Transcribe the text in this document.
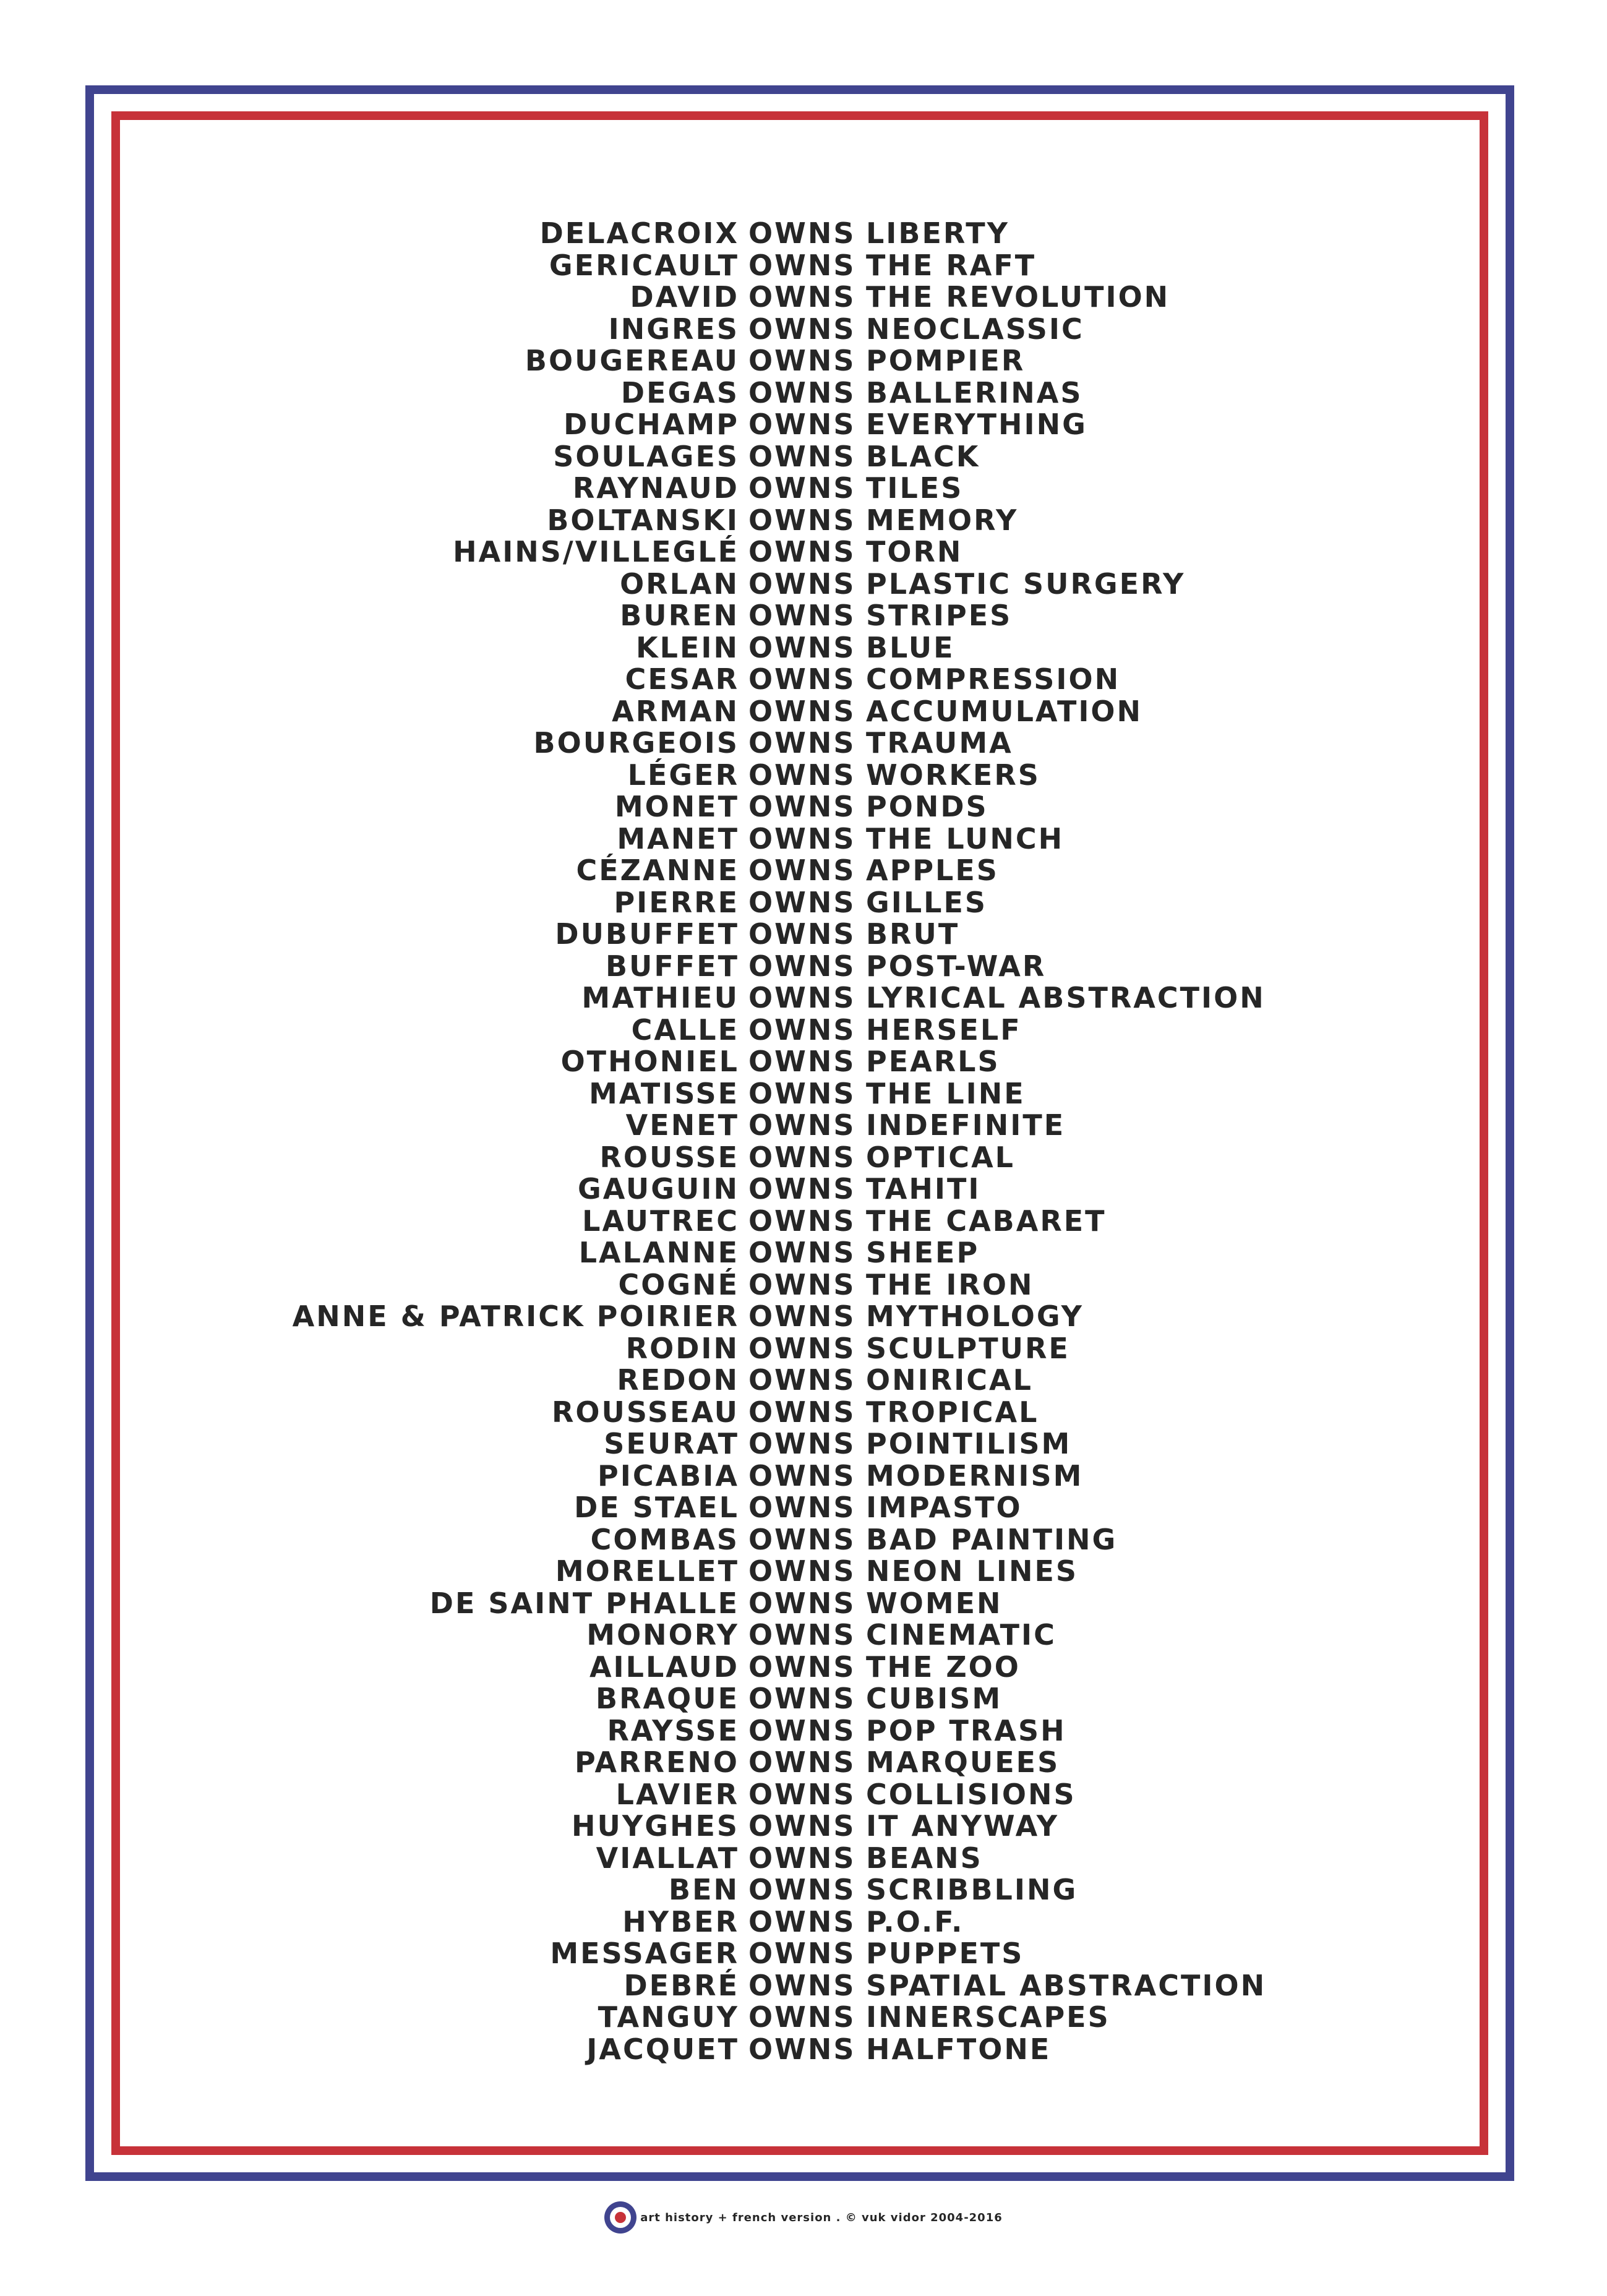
DELACROIX OWNS LIBERTY
GERICAULT OWNS THE RAFT
DAVID OWNS THE REVOLUTION
INGRES OWNS NEOCLASSIC
BOUGEREAU OWNS POMPIER
DEGAS OWNS BALLERINAS
DUCHAMP OWNS EVERYTHING
SOULAGES OWNS BLACK
RAYNAUD OWNS TILES
BOLTANSKI OWNS MEMORY
HAINS/VILLEGLÉ OWNS TORN
ORLAN OWNS PLASTIC SURGERY
BUREN OWNS STRIPES
KLEIN OWNS BLUE
CESAR OWNS COMPRESSION
ARMAN OWNS ACCUMULATION
BOURGEOIS OWNS TRAUMA
LÉGER OWNS WORKERS
MONET OWNS PONDS
MANET OWNS THE LUNCH
CÉZANNE OWNS APPLES
PIERRE OWNS GILLES
DUBUFFET OWNS BRUT
BUFFET OWNS POST-WAR
MATHIEU OWNS LYRICAL ABSTRACTION
CALLE OWNS HERSELF
OTHONIEL OWNS PEARLS
MATISSE OWNS THE LINE
VENET OWNS INDEFINITE
ROUSSE OWNS OPTICAL
GAUGUIN OWNS TAHITI
LAUTREC OWNS THE CABARET
LALANNE OWNS SHEEP
COGNÉ OWNS THE IRON
ANNE & PATRICK POIRIER OWNS MYTHOLOGY
RODIN OWNS SCULPTURE
REDON OWNS ONIRICAL
ROUSSEAU OWNS TROPICAL
SEURAT OWNS POINTILISM
PICABIA OWNS MODERNISM
DE STAEL OWNS IMPASTO
COMBAS OWNS BAD PAINTING
MORELLET OWNS NEON LINES
DE SAINT PHALLE OWNS WOMEN
MONORY OWNS CINEMATIC
AILLAUD OWNS THE ZOO
BRAQUE OWNS CUBISM
RAYSSE OWNS POP TRASH
PARRENO OWNS MARQUEES
LAVIER OWNS COLLISIONS
HUYGHES OWNS IT ANYWAY
VIALLAT OWNS BEANS
BEN OWNS SCRIBBLING
HYBER OWNS P.O.F.
MESSAGER OWNS PUPPETS
DEBRÉ OWNS SPATIAL ABSTRACTION
TANGUY OWNS INNERSCAPES
JACQUET OWNS HALFTONE
art history + french version . © vuk vidor 2004-2016
